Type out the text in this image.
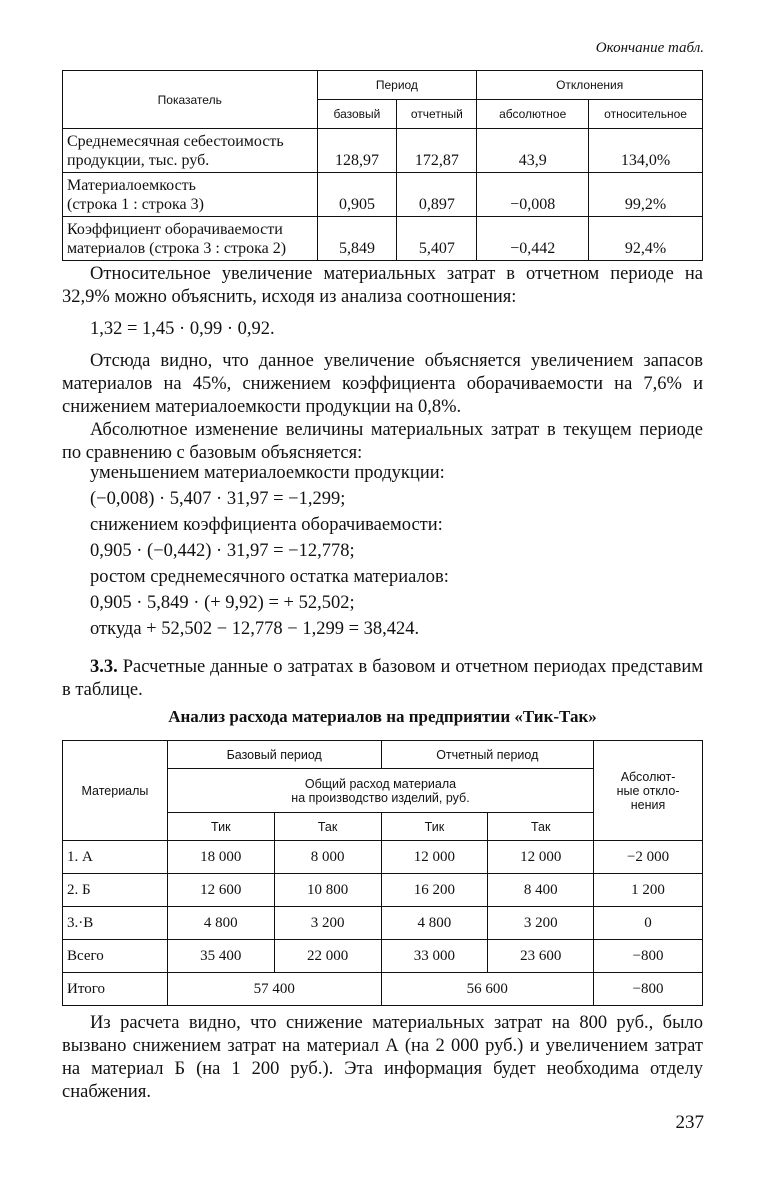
Окончание табл.
Показатель	Период		Отклонения	
	базовый	отчетный	абсолютное	относительное
Среднемесячная себестоимость
продукции, тыс. руб.	128,97	172,87	43,9	134,0%
Материалоемкость
(строка 1 : строка 3)	0,905	0,897	−0,008	99,2%
Коэффициент оборачиваемости
материалов (строка 3 : строка 2)	5,849	5,407	−0,442	92,4%
Относительное увеличение материальных затрат в отчетном периоде на 32,9% можно объяснить, исходя из анализа соотношения:
1,32 = 1,45 · 0,99 · 0,92.
Отсюда видно, что данное увеличение объясняется увеличением запасов материалов на 45%, снижением коэффициента оборачиваемости на 7,6% и снижением материалоемкости продукции на 0,8%.
Абсолютное изменение величины материальных затрат в текущем периоде по сравнению с базовым объясняется:
уменьшением материалоемкости продукции:
(−0,008) · 5,407 · 31,97 = −1,299;
снижением коэффициента оборачиваемости:
0,905 · (−0,442) · 31,97 = −12,778;
ростом среднемесячного остатка материалов:
0,905 · 5,849 · (+ 9,92) = + 52,502;
откуда + 52,502 − 12,778 − 1,299 = 38,424.
3.3. Расчетные данные о затратах в базовом и отчетном периодах представим в таблице.
Анализ расхода материалов на предприятии «Тик-Так»
Материалы	Базовый период		Отчетный период		Абсолют-
ные откло-
нения
	Общий расход материала
на производство изделий, руб.				
	Тик	Так	Тик	Так	
1. А	18 000	8 000	12 000	12 000	−2 000
2. Б	12 600	10 800	16 200	8 400	1 200
3.·В	4 800	3 200	4 800	3 200	0
Всего	35 400	22 000	33 000	23 600	−800
Итого	57 400		56 600		−800
Из расчета видно, что снижение материальных затрат на 800 руб., было вызвано снижением затрат на материал А (на 2 000 руб.) и увеличением затрат на материал Б (на 1 200 руб.). Эта информация будет необходима отделу снабжения.
237
